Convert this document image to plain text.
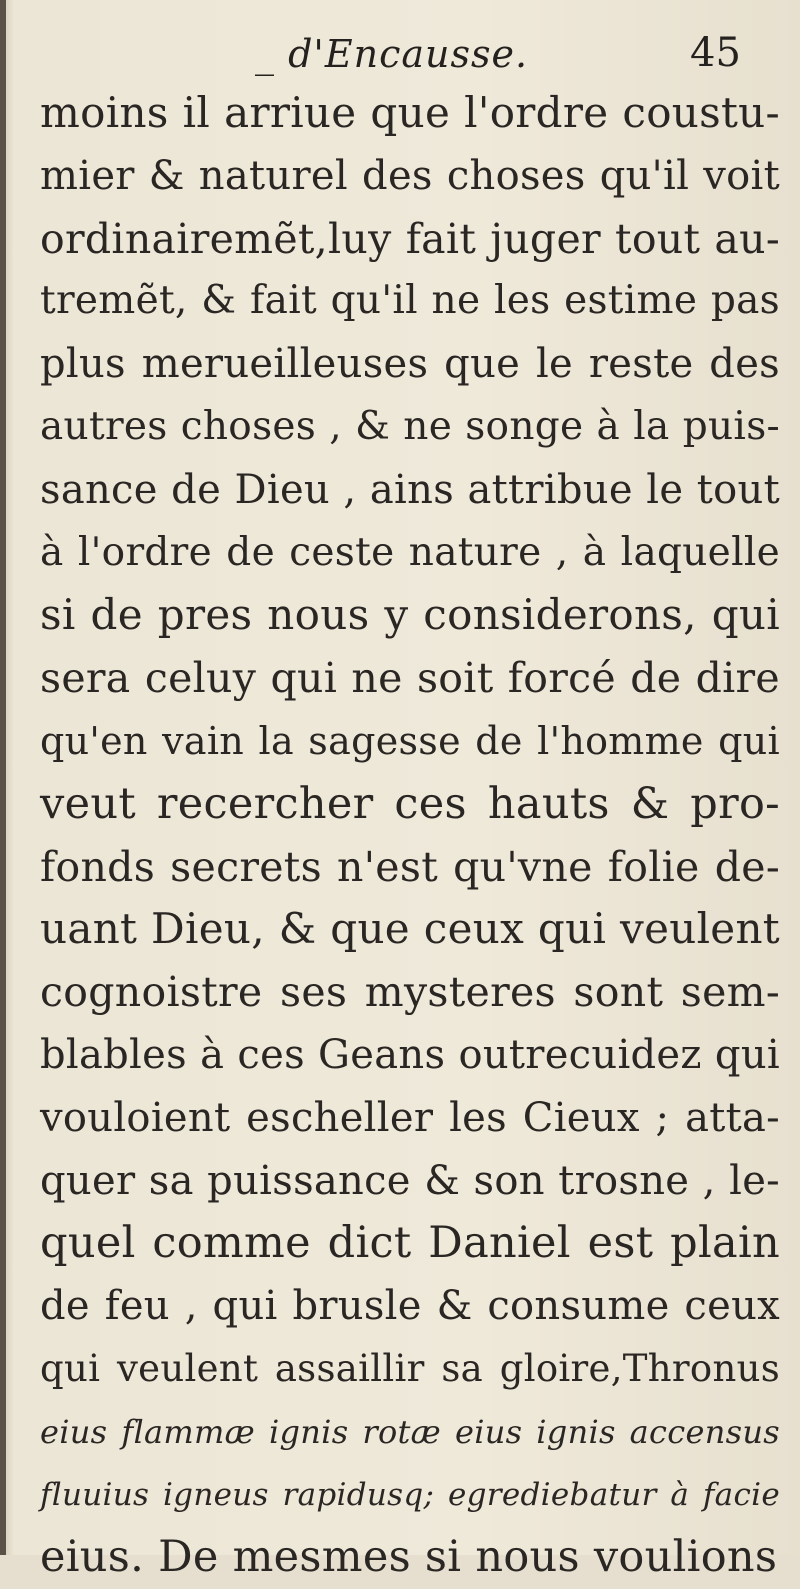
_ d'Encausse.	45
moins il arriue que l'ordre coustu-
mier & naturel des choses qu'il voit
ordinairemẽt,luy fait juger tout au-
tremẽt, & fait qu'il ne les estime pas
plus merueilleuses que le reste des
autres choses , & ne songe à la puis-
sance de Dieu , ains attribue le tout
à l'ordre de ceste nature , à laquelle
si de pres nous y considerons, qui
sera celuy qui ne soit forcé de dire
qu'en vain la sagesse de l'homme qui
veut recercher ces hauts & pro-
fonds secrets n'est qu'vne folie de-
uant Dieu, & que ceux qui veulent
cognoistre ses mysteres sont sem-
blables à ces Geans outrecuidez qui
vouloient escheller les Cieux ; atta-
quer sa puissance & son trosne , le-
quel comme dict Daniel est plain
de feu , qui brusle & consume ceux
qui veulent assaillir sa gloire,Thronus
eius flammæ ignis rotæ eius ignis accensus
fluuius igneus rapidusq; egrediebatur à facie
eius. De mesmes si nous voulions
